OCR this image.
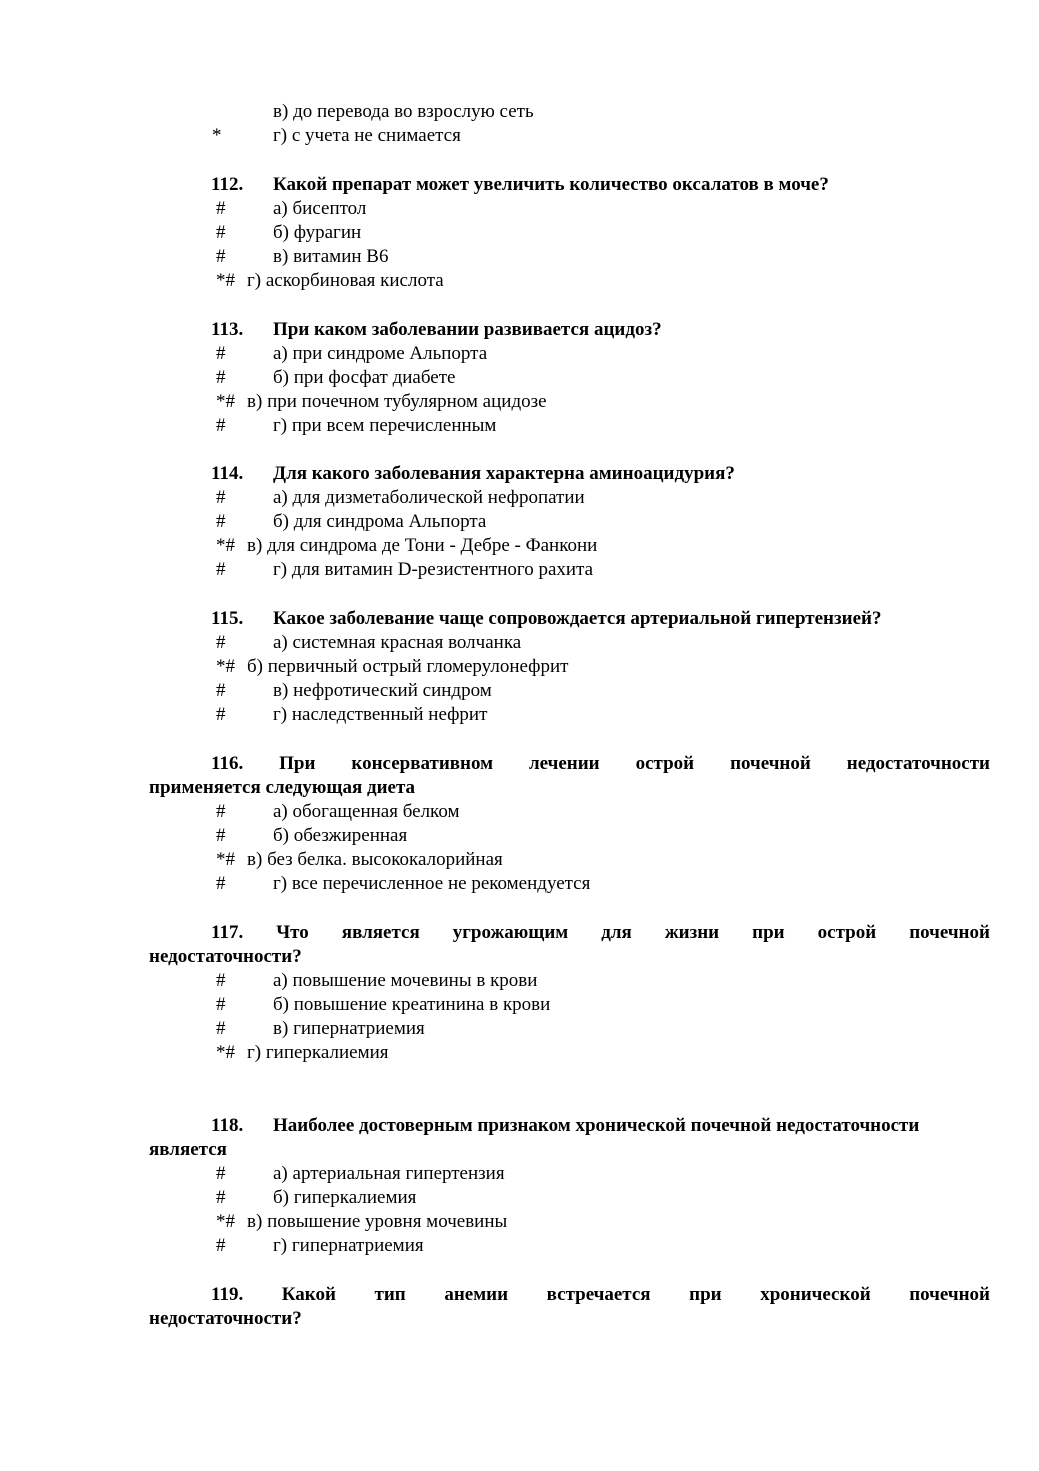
в) до перевода во взрослую сеть
*	г) с учета не снимается
112. Какой препарат может увеличить количество оксалатов в моче?
#	а) бисептол
#	б) фурагин
#	в) витамин В6
*# г) аскорбиновая кислота
113. При каком заболевании развивается ацидоз?
#	а) при синдроме Альпорта
#	б) при фосфат диабете
*# в) при почечном тубулярном ацидозе
#	г) при всем перечисленным
114. Для какого заболевания характерна аминоацидурия?
#	а) для дизметаболической нефропатии
#	б) для синдрома Альпорта
*# в) для синдрома де Тони - Дебре - Фанкони
#	г) для витамин D-резистентного рахита
115. Какое заболевание чаще сопровождается артериальной гипертензией?
#	а) системная красная волчанка
*# б) первичный острый гломерулонефрит
#	в) нефротический синдром
#	г) наследственный нефрит
116. При консервативном лечении острой почечной недостаточности
применяется следующая диета
#	а) обогащенная белком
#	б) обезжиренная
*# в) без белка. высококалорийная
#	г) все перечисленное не рекомендуется
117. Что является угрожающим для жизни при острой почечной
недостаточности?
#	а) повышение мочевины в крови
#	б) повышение креатинина в крови
#	в) гипернатриемия
*# г) гиперкалиемия
118. Наиболее достоверным признаком хронической почечной недостаточности
является
#	а) артериальная гипертензия
#	б) гиперкалиемия
*# в) повышение уровня мочевины
#	г) гипернатриемия
119. Какой тип анемии встречается при хронической почечной
недостаточности?
